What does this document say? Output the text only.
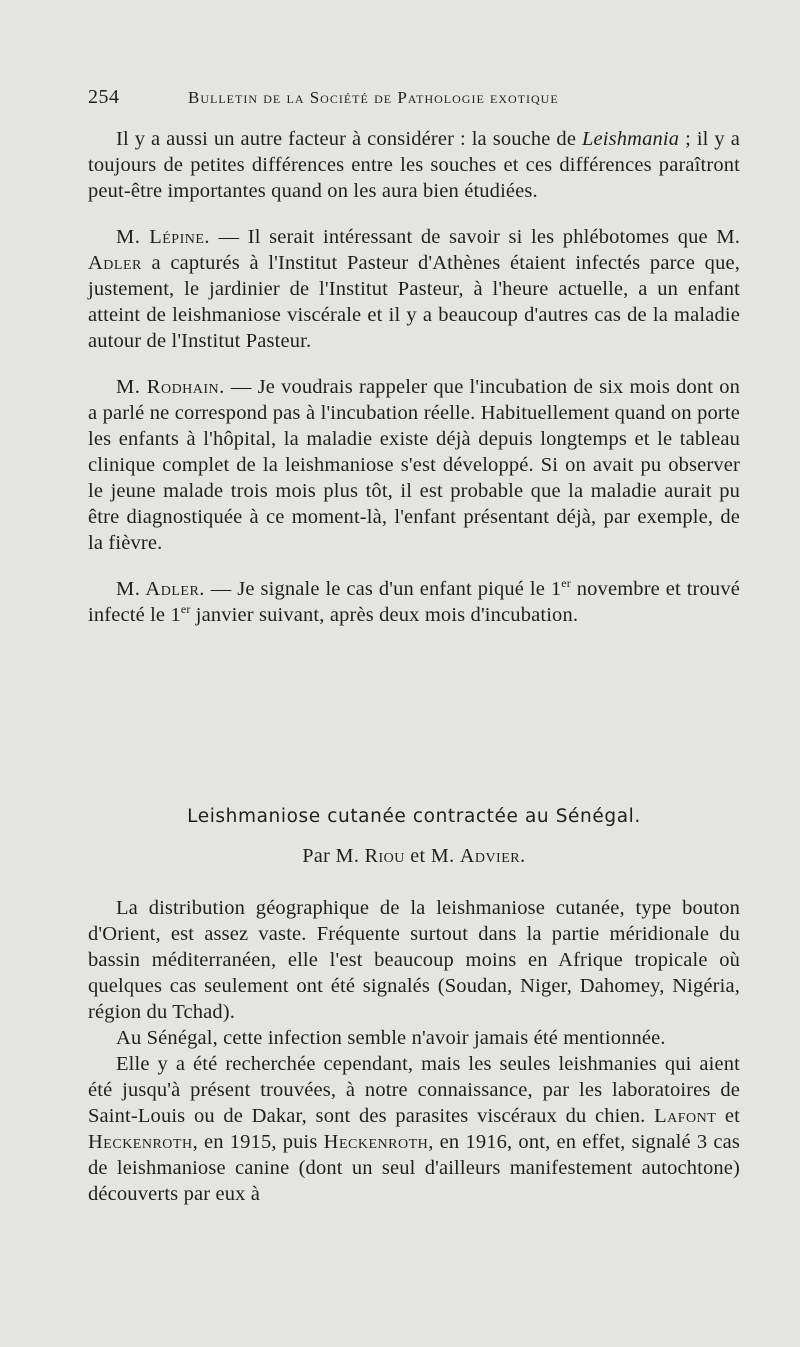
254	Bulletin de la Société de Pathologie exotique

Il y a aussi un autre facteur à considérer : la souche de Leishmania ; il y a toujours de petites différences entre les souches et ces différences paraîtront peut-être importantes quand on les aura bien étudiées.

M. Lépine. — Il serait intéressant de savoir si les phlébotomes que M. Adler a capturés à l'Institut Pasteur d'Athènes étaient infectés parce que, justement, le jardinier de l'Institut Pasteur, à l'heure actuelle, a un enfant atteint de leishmaniose viscérale et il y a beaucoup d'autres cas de la maladie autour de l'Institut Pasteur.

M. Rodhain. — Je voudrais rappeler que l'incubation de six mois dont on a parlé ne correspond pas à l'incubation réelle. Habituellement quand on porte les enfants à l'hôpital, la maladie existe déjà depuis longtemps et le tableau clinique complet de la leishmaniose s'est développé. Si on avait pu observer le jeune malade trois mois plus tôt, il est probable que la maladie aurait pu être diagnostiquée à ce moment-là, l'enfant présentant déjà, par exemple, de la fièvre.

M. Adler. — Je signale le cas d'un enfant piqué le 1er novembre et trouvé infecté le 1er janvier suivant, après deux mois d'incubation.

Leishmaniose cutanée contractée au Sénégal.
Par M. Riou et M. Advier.

La distribution géographique de la leishmaniose cutanée, type bouton d'Orient, est assez vaste. Fréquente surtout dans la partie méridionale du bassin méditerranéen, elle l'est beaucoup moins en Afrique tropicale où quelques cas seulement ont été signalés (Soudan, Niger, Dahomey, Nigéria, région du Tchad).

Au Sénégal, cette infection semble n'avoir jamais été mentionnée.

Elle y a été recherchée cependant, mais les seules leishmanies qui aient été jusqu'à présent trouvées, à notre connaissance, par les laboratoires de Saint-Louis ou de Dakar, sont des parasites viscéraux du chien. Lafont et Heckenroth, en 1915, puis Heckenroth, en 1916, ont, en effet, signalé 3 cas de leishmaniose canine (dont un seul d'ailleurs manifestement autochtone) découverts par eux à
